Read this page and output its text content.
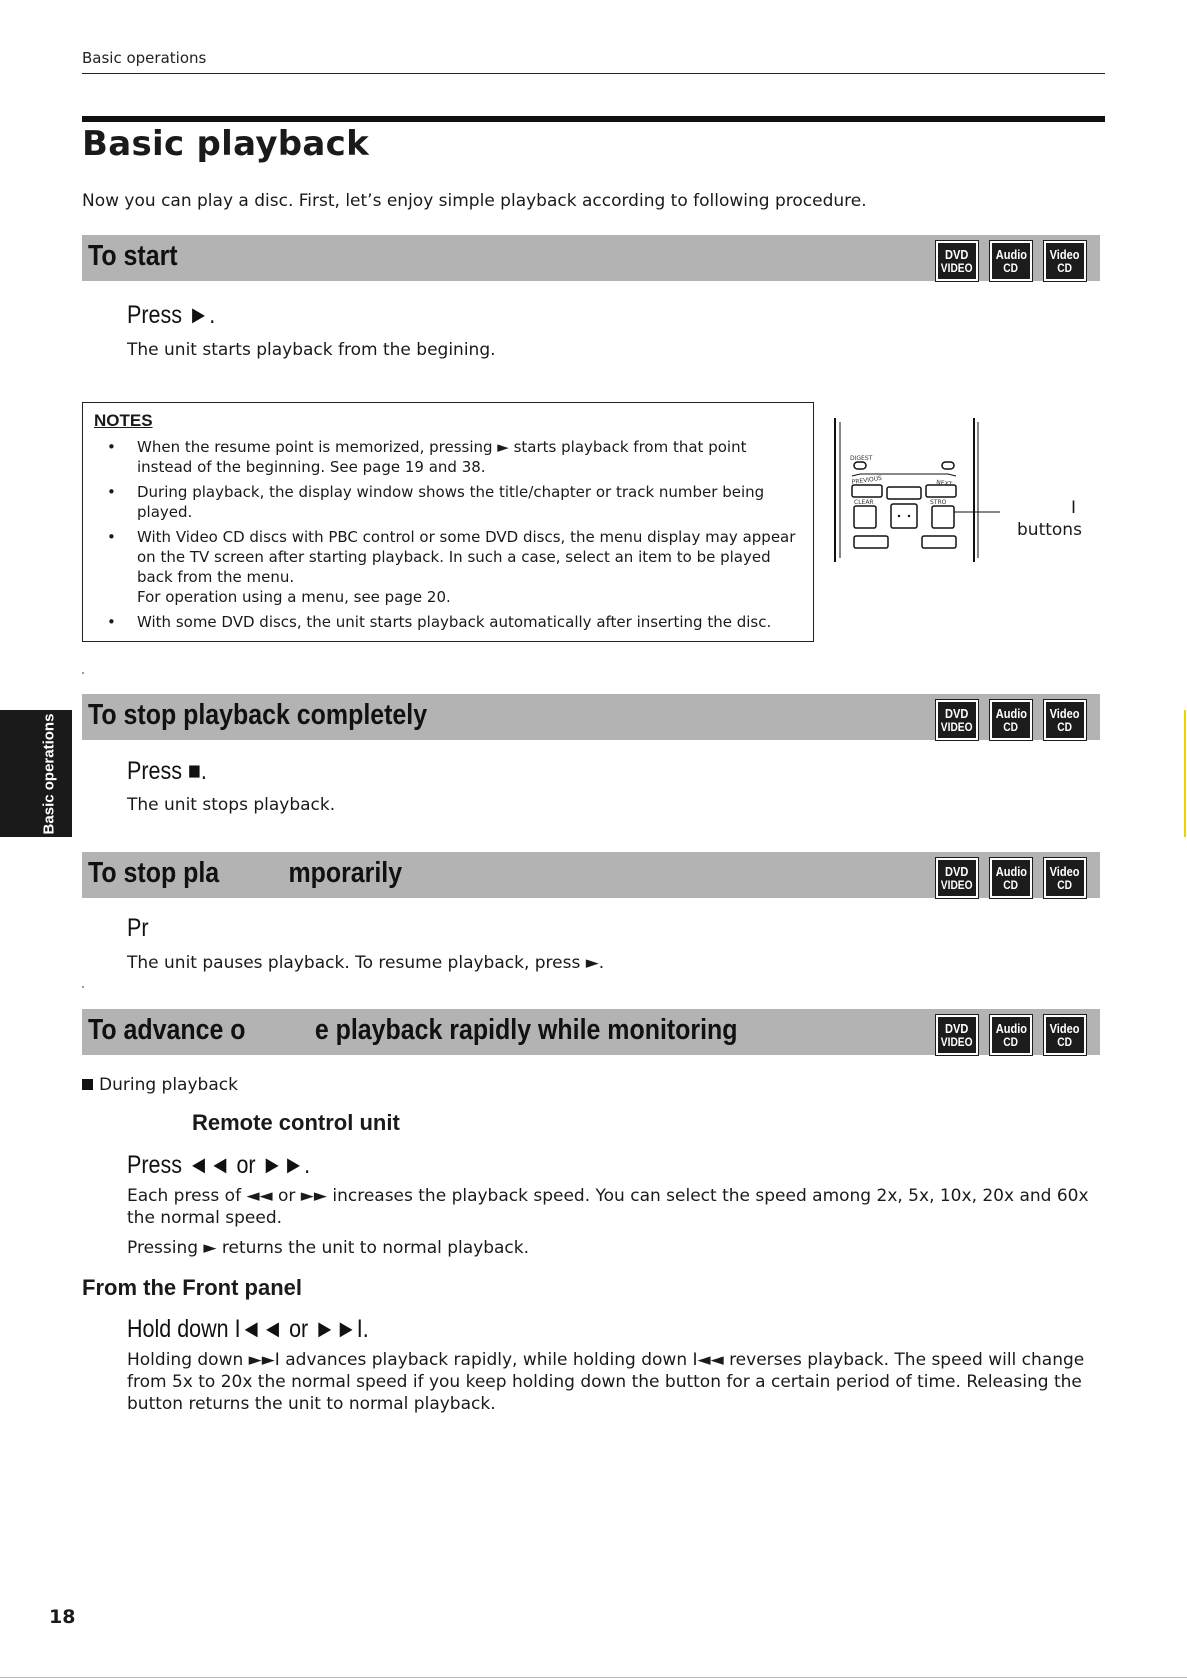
Basic operations
Basic playback
Now you can play a disc. First, let’s enjoy simple playback according to following procedure.
To start	DVD
VIDEO
Audio
CD
Video
CD
Press ►.
The unit starts playback from the begining.
NOTES
• When the resume point is memorized, pressing ► starts playback from that point instead of the beginning. See page 19 and 38.
• During playback, the display window shows the title/chapter or track number being played.
• With Video CD discs with PBC control or some DVD discs, the menu display may appear on the TV screen after starting playback. In such a case, select an item to be played back from the menu.
For operation using a menu, see page 20.
• With some DVD discs, the unit starts playback automatically after inserting the disc.
DIGEST
PREVIOUS	NEXT
CLEAR	STRO	I
buttons
Basic operations To stop playback completely	DVD
VIDEO
Audio
CD
Video
CD
Press ■.
The unit stops playback.
To stop pla          mporarily	DVD
VIDEO
Audio
CD
Video
CD
Pr
The unit pauses playback. To resume playback, press ►.
To advance o          e playback rapidly while monitoring	DVD
VIDEO
Audio
CD
Video
CD
During playback
Remote control unit
Press ◄◄ or ►►.
Each press of ◄◄ or ►► increases the playback speed. You can select the speed among 2x, 5x, 10x, 20x and 60x the normal speed.
Pressing ► returns the unit to normal playback.
From the Front panel
Hold down I◄◄ or ►►I.
Holding down ►►I advances playback rapidly, while holding down I◄◄ reverses playback. The speed will change from 5x to 20x the normal speed if you keep holding down the button for a certain period of time. Releasing the button returns the unit to normal playback.
18
